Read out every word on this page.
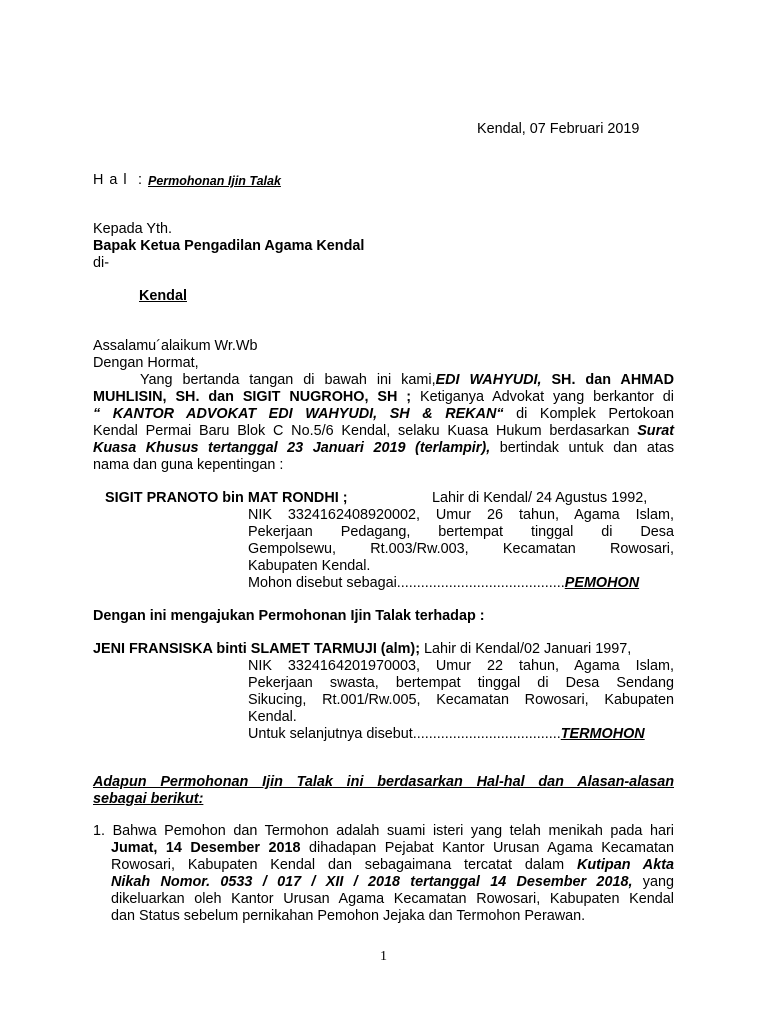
Kendal, 07 Februari 2019
H a l : Permohonan Ijin Talak
Kepada Yth.
Bapak Ketua Pengadilan Agama Kendal
di-
Kendal
Assalamu´alaikum Wr.Wb
Dengan Hormat,
Yang bertanda tangan di bawah ini kami,EDI WAHYUDI, SH. dan AHMAD
MUHLISIN, SH. dan SIGIT NUGROHO, SH ; Ketiganya Advokat yang berkantor di
“ KANTOR ADVOKAT EDI WAHYUDI, SH & REKAN“ di Komplek Pertokoan
Kendal Permai Baru Blok C No.5/6 Kendal, selaku Kuasa Hukum berdasarkan Surat
Kuasa Khusus tertanggal 23 Januari 2019 (terlampir), bertindak untuk dan atas
nama dan guna kepentingan :
SIGIT PRANOTO bin MAT RONDHI ;	Lahir di Kendal/ 24 Agustus 1992,
NIK 3324162408920002, Umur 26 tahun, Agama Islam,
Pekerjaan Pedagang, bertempat tinggal di Desa
Gempolsewu, Rt.003/Rw.003, Kecamatan Rowosari,
Kabupaten Kendal.
Mohon disebut sebagai..........................................PEMOHON
Dengan ini mengajukan Permohonan Ijin Talak terhadap :
JENI FRANSISKA binti SLAMET TARMUJI (alm); Lahir di Kendal/02 Januari 1997,
NIK 3324164201970003, Umur 22 tahun, Agama Islam,
Pekerjaan swasta, bertempat tinggal di Desa Sendang
Sikucing, Rt.001/Rw.005, Kecamatan Rowosari, Kabupaten
Kendal.
Untuk selanjutnya disebut.....................................TERMOHON
Adapun Permohonan Ijin Talak ini berdasarkan Hal-hal dan Alasan-alasan
sebagai berikut:
1. Bahwa Pemohon dan Termohon adalah suami isteri yang telah menikah pada hari
Jumat, 14 Desember 2018 dihadapan Pejabat Kantor Urusan Agama Kecamatan
Rowosari, Kabupaten Kendal dan sebagaimana tercatat dalam Kutipan Akta
Nikah Nomor. 0533 / 017 / XII / 2018 tertanggal 14 Desember 2018, yang
dikeluarkan oleh Kantor Urusan Agama Kecamatan Rowosari, Kabupaten Kendal
dan Status sebelum pernikahan Pemohon Jejaka dan Termohon Perawan.
1
